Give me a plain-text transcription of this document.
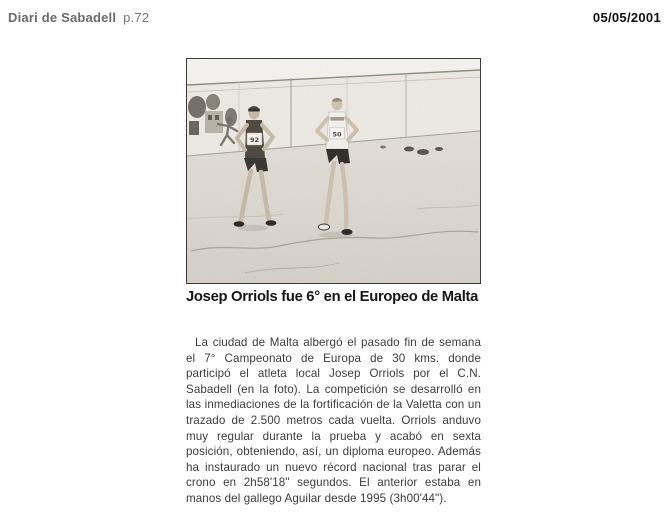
Diari de Sabadell p.72	05/05/2001
92
50
Josep Orriols fue 6° en el Europeo de Malta

La ciudad de Malta albergó el pasado fin de semana el 7° Campeonato de Europa de 30 kms. donde participó el atleta local Josep Orriols por el C.N. Sabadell (en la foto). La competición se desarrolló en las inmediaciones de la fortificación de la Valetta con un trazado de 2.500 metros cada vuelta. Orriols anduvo muy regular durante la prueba y acabó en sexta posición, obteniendo, así, un diploma europeo. Además ha instaurado un nuevo récord nacional tras parar el crono en 2h58'18" segundos. El anterior estaba en manos del gallego Aguilar desde 1995 (3h00'44").
